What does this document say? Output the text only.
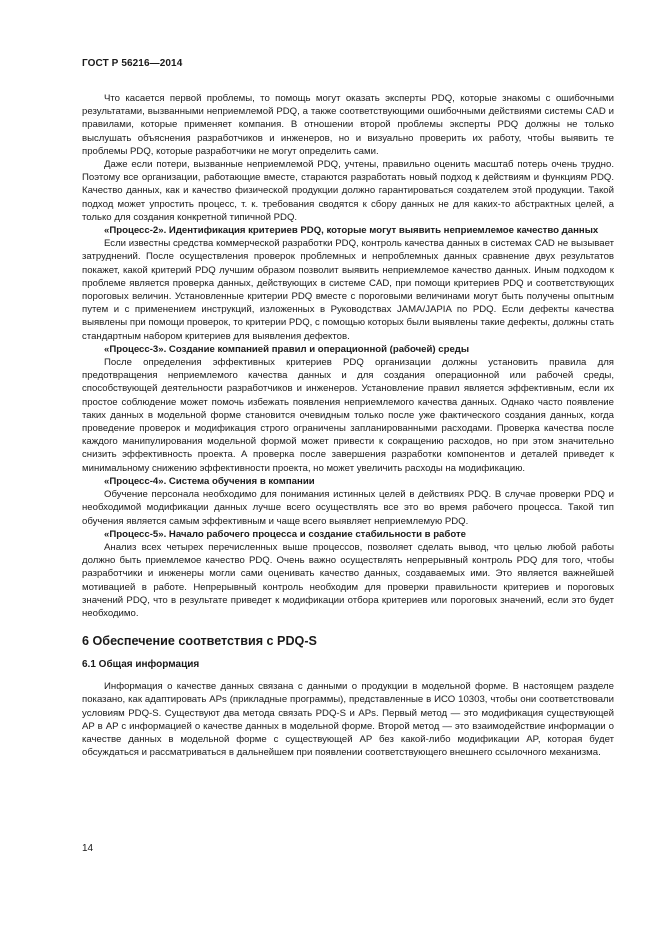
ГОСТ Р 56216—2014

Что касается первой проблемы, то помощь могут оказать эксперты PDQ, которые знакомы с ошибочными результатами, вызванными неприемлемой PDQ, а также соответствующими ошибочными действиями системы CAD и правилами, которые применяет компания. В отношении второй проблемы эксперты PDQ должны не только выслушать объяснения разработчиков и инженеров, но и визуально проверить их работу, чтобы выявить те проблемы PDQ, которые разработчики не могут определить сами.

Даже если потери, вызванные неприемлемой PDQ, учтены, правильно оценить масштаб потерь очень трудно. Поэтому все организации, работающие вместе, стараются разработать новый подход к действиям и функциям PDQ. Качество данных, как и качество физической продукции должно гарантироваться создателем этой продукции. Такой подход может упростить процесс, т. к. требования сводятся к сбору данных не для каких-то абстрактных целей, а только для создания конкретной типичной PDQ.

«Процесс-2». Идентификация критериев PDQ, которые могут выявить неприемлемое качество данных

Если известны средства коммерческой разработки PDQ, контроль качества данных в системах CAD не вызывает затруднений. После осуществления проверок проблемных и непроблемных данных сравнение двух результатов покажет, какой критерий PDQ лучшим образом позволит выявить неприемлемое качество данных. Иным подходом к проблеме является проверка данных, действующих в системе CAD, при помощи критериев PDQ и соответствующих пороговых величин. Установленные критерии PDQ вместе с пороговыми величинами могут быть получены опытным путем и с применением инструкций, изложенных в Руководствах JAMA/JAPIA по PDQ. Если дефекты качества выявлены при помощи проверок, то критерии PDQ, с помощью которых были выявлены такие дефекты, должны стать стандартным набором критериев для выявления дефектов.

«Процесс-3». Создание компанией правил и операционной (рабочей) среды

После определения эффективных критериев PDQ организации должны установить правила для предотвращения неприемлемого качества данных и для создания операционной или рабочей среды, способствующей деятельности разработчиков и инженеров. Установление правил является эффективным, если их простое соблюдение может помочь избежать появления неприемлемого качества данных. Однако часто появление таких данных в модельной форме становится очевидным только после уже фактического создания данных, когда проведение проверок и модификация строго ограничены запланированными расходами. Проверка качества после каждого манипулирования модельной формой может привести к сокращению расходов, но при этом значительно снизить эффективность проекта. А проверка после завершения разработки компонентов и деталей приведет к минимальному снижению эффективности проекта, но может увеличить расходы на модификацию.

«Процесс-4». Система обучения в компании

Обучение персонала необходимо для понимания истинных целей в действиях PDQ. В случае проверки PDQ и необходимой модификации данных лучше всего осуществлять все это во время рабочего процесса. Такой тип обучения является самым эффективным и чаще всего выявляет неприемлемую PDQ.

«Процесс-5». Начало рабочего процесса и создание стабильности в работе

Анализ всех четырех перечисленных выше процессов, позволяет сделать вывод, что целью любой работы должно быть приемлемое качество PDQ. Очень важно осуществлять непрерывный контроль PDQ для того, чтобы разработчики и инженеры могли сами оценивать качество данных, создаваемых ими. Это является важнейшей мотивацией в работе. Непрерывный контроль необходим для проверки правильности критериев и пороговых значений PDQ, что в результате приведет к модификации отбора критериев или пороговых значений, если это будет необходимо.

6 Обеспечение соответствия с PDQ-S
6.1 Общая информация

Информация о качестве данных связана с данными о продукции в модельной форме. В настоящем разделе показано, как адаптировать APs (прикладные программы), представленные в ИСО 10303, чтобы они соответствовали условиям PDQ-S. Существуют два метода связать PDQ-S и APs. Первый метод — это модификация существующей AP в AP с информацией о качестве данных в модельной форме. Второй метод — это взаимодействие информации о качестве данных в модельной форме с существующей AP без какой-либо модификации AP, которая будет обсуждаться и рассматриваться в дальнейшем при появлении соответствующего внешнего ссылочного механизма.

14
